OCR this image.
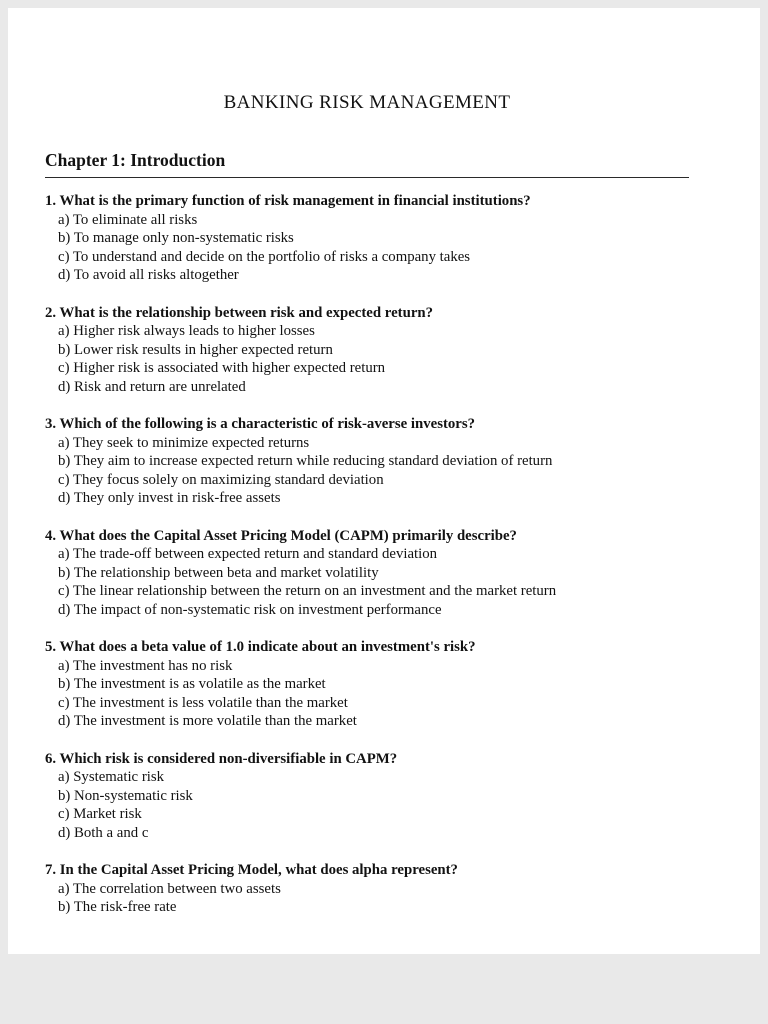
BANKING RISK MANAGEMENT
Chapter 1: Introduction

1. What is the primary function of risk management in financial institutions?

a) To eliminate all risks

b) To manage only non-systematic risks

c) To understand and decide on the portfolio of risks a company takes

d) To avoid all risks altogether

2. What is the relationship between risk and expected return?

a) Higher risk always leads to higher losses

b) Lower risk results in higher expected return

c) Higher risk is associated with higher expected return

d) Risk and return are unrelated

3. Which of the following is a characteristic of risk-averse investors?

a) They seek to minimize expected returns

b) They aim to increase expected return while reducing standard deviation of return

c) They focus solely on maximizing standard deviation

d) They only invest in risk-free assets

4. What does the Capital Asset Pricing Model (CAPM) primarily describe?

a) The trade-off between expected return and standard deviation

b) The relationship between beta and market volatility

c) The linear relationship between the return on an investment and the market return

d) The impact of non-systematic risk on investment performance

5. What does a beta value of 1.0 indicate about an investment's risk?

a) The investment has no risk

b) The investment is as volatile as the market

c) The investment is less volatile than the market

d) The investment is more volatile than the market

6. Which risk is considered non-diversifiable in CAPM?

a) Systematic risk

b) Non-systematic risk

c) Market risk

d) Both a and c

7. In the Capital Asset Pricing Model, what does alpha represent?

a) The correlation between two assets

b) The risk-free rate
